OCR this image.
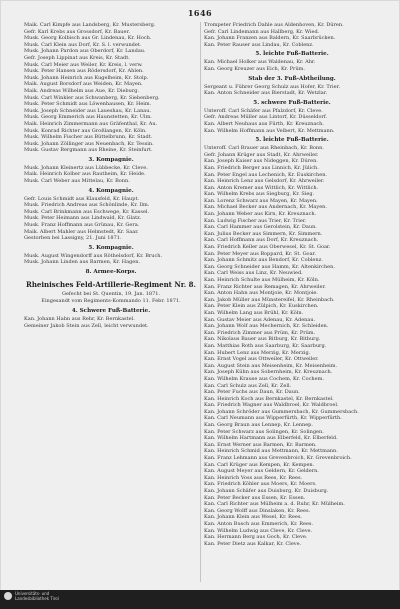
1646
Maik. Carl Kimpfe aus Landsberg, Kr. Mustersberg.
Gefr. Karl Krebs aus Grossdorf, Kr. Bauer.
Musk. Georg Kolbisch aus Gr. Lindenau, Kr. Hoch.
Musk. Carl Klein aus Dorf, Kr. S. l. verwundet.
Musk. Johann Pardon aus Oberdorf, Kr. Landau.
Gefr. Joseph Lippinat aus Kreis, Kr. Stadt.
Musk. Carl Meier aus Weiler, Kr. Kreis, l. verw.
Musk. Peter Hansen aus Rödersdorf, Kr. Ahlen.
Musk. Johann Heinrich aus Kugelheim, Kr. Stolp.
Maik. August Borsdorf aus Weiden, Kr. Mayen.
Maik. Andreas Wilhelm aus Aue, Kr. Dieburg.
Musk. Carl Winkler aus Schwanberg, Kr. Siebenberg.
Musk. Peter Schmidt aus Löwenhausen, Kr. Heim.
Musk. Joseph Schneider aus Laueshau, Kr. Lanau.
Musk. Georg Emmerich aus Haunstetten, Kr. Ulm.
Maik. Heinrich Zimmermann aus Gräfenthal, Kr. Au.
Musk. Konrad Richter aus Großlangen, Kr. Köln.
Musk. Wilhelm Fischer aus Büttelbrunn, Kr. Stadt.
Musk. Johann Zöllinger aus Neuenbach, Kr. Tessin.
Musk. Gustav Bergmann aus Rheine, Kr. Steinfurt.
3. Kompagnie.
Musk. Johann Kleinertz aus Lübbecke, Kr. Cleve.
Maik. Heinrich Kolber aus Rautheim, Kr. Heide.
Musk. Carl Weber aus Mittelau, Kr. Bonn.
4. Kompagnie.
Gefr. Louis Schmidt aus Klausfeld, Kr. Haupt.
Musk. Friedrich Andreas aus Schönlinde, Kr. Ilm.
Musk. Carl Brinkmann aus Eschwege, Kr. Kassel.
Musk. Peter Heimann aus Lindwald, Kr. Glatz.
Musk. Franz Hoffmann aus Grünau, Kr. Gera.
Maik. Albert Mahler aus Helmstedt, Kr. Saar.
Gestorben bei Lassigny, 21. Juni 1871.
5. Kompagnie.
Musk. August Wingendorff aus Röthelsdorf, Kr. Bruch.
Musk. Johann Linden aus Barmen, Kr. Hagen.
8. Armee-Korps.
Rheinisches Feld-Artillerie-Regiment Nr. 8.
Gefecht bei St. Quentin, 19. Jan. 1871.
Eingesandt vom Regiments-Kommando 11. Febr. 1871.
4. Schwere Fuß-Batterie.
Kan. Johann Hahn aus Rehr, Kr. Bernkastel.
Gemeiner Jakob Stein aus Zell, leicht verwundet.
Trompeter Friedrich Dahle aus Aldenhoven, Kr. Düren.
Gefr. Carl Lindemann aus Hallberg, Kr. Wied.
Kan. Johann Franzen aus Baldern, Kr. Saarbrücken.
Kan. Peter Rauser aus Lindau, Kr. Coblenz.
5. leichte Fuß-Batterie.
Kan. Michael Holker aus Waldenau, Kr. Ahr.
Kan. Georg Kreuzer aus Eich, Kr. Prüm.
Stab der 3. Fuß-Abtheilung.
Sergeant u. Führer Georg Schulz aus Hofer, Kr. Trier.
Kan. Anton Schneider aus Bierstadt, Kr. Wetzlar.
5. schwere Fuß-Batterie.
Unteroff. Carl Schäfer aus Pfalzdorf, Kr. Cleve.
Gefr. Andreas Müller aus Lintorf, Kr. Düsseldorf.
Kan. Albert Neuhaus aus Fürth, Kr. Kreuznach.
Kan. Wilhelm Hoffmann aus Velbert, Kr. Mettmann.
5. leichte Fuß-Batterie.
Unteroff. Carl Brauer aus Rheinbach, Kr. Bonn.
Gefr. Johann Krüger aus Stadt, Kr. Ahrweiler.
Kan. Joseph Kaiser aus Nideggen, Kr. Düren.
Kan. Friedrich Berger aus Linnich, Kr. Jülich.
Kan. Peter Engel aus Lechenich, Kr. Euskirchen.
Kan. Heinrich Lenz aus Gelsdorf, Kr. Ahrweiler.
Kan. Anton Kremer aus Wittlich, Kr. Wittlich.
Kan. Wilhelm Krebs aus Siegburg, Kr. Sieg.
Kan. Lorenz Schwarz aus Mayen, Kr. Mayen.
Kan. Michael Becker aus Andernach, Kr. Mayen.
Kan. Johann Weber aus Kirn, Kr. Kreuznach.
Kan. Ludwig Fischer aus Trier, Kr. Trier.
Kan. Carl Hammer aus Gerolstein, Kr. Daun.
Kan. Julius Becker aus Simmern, Kr. Simmern.
Kan. Carl Hoffmann aus Dorf, Kr. Kreuznach.
Kan. Friedrich Keller aus Oberwesel, Kr. St. Goar.
Kan. Peter Meyer aus Boppard, Kr. St. Goar.
Kan. Johann Schmitz aus Bendorf, Kr. Coblenz.
Kan. Georg Schneider aus Hamm, Kr. Altenkirchen.
Kan. Carl Weiss aus Linz, Kr. Neuwied.
Kan. Heinrich Schulte aus Mülheim, Kr. Köln.
Kan. Franz Richter aus Remagen, Kr. Ahrweiler.
Kan. Anton Hahn aus Montjoie, Kr. Montjoie.
Kan. Jakob Müller aus Münstereifel, Kr. Rheinbach.
Kan. Peter Klein aus Zülpich, Kr. Euskirchen.
Kan. Wilhelm Lang aus Brühl, Kr. Köln.
Kan. Gustav Meier aus Adenau, Kr. Adenau.
Kan. Johann Wolf aus Mechernich, Kr. Schleiden.
Kan. Friedrich Zimmer aus Prüm, Kr. Prüm.
Kan. Nikolaus Bauer aus Bitburg, Kr. Bitburg.
Kan. Matthias Roth aus Saarburg, Kr. Saarburg.
Kan. Hubert Lenz aus Merzig, Kr. Merzig.
Kan. Ernst Vogel aus Ottweiler, Kr. Ottweiler.
Kan. August Stein aus Meisenheim, Kr. Meisenheim.
Kan. Joseph Kühn aus Sobernheim, Kr. Kreuznach.
Kan. Wilhelm Krause aus Cochem, Kr. Cochem.
Kan. Carl Schulz aus Zell, Kr. Zell.
Kan. Peter Fuchs aus Daun, Kr. Daun.
Kan. Heinrich Koch aus Bernkastel, Kr. Bernkastel.
Kan. Friedrich Wagner aus Waldbroel, Kr. Waldbroel.
Kan. Johann Schröder aus Gummersbach, Kr. Gummersbach.
Kan. Carl Neumann aus Wipperfürth, Kr. Wipperfürth.
Kan. Georg Braun aus Lennep, Kr. Lennep.
Kan. Peter Schwarz aus Solingen, Kr. Solingen.
Kan. Wilhelm Hartmann aus Elberfeld, Kr. Elberfeld.
Kan. Ernst Werner aus Barmen, Kr. Barmen.
Kan. Heinrich Schmid aus Mettmann, Kr. Mettmann.
Kan. Franz Lehmann aus Grevenbroich, Kr. Grevenbroich.
Kan. Carl Krüger aus Kempen, Kr. Kempen.
Kan. August Meyer aus Geldern, Kr. Geldern.
Kan. Heinrich Voss aus Rees, Kr. Rees.
Kan. Friedrich Köhler aus Moers, Kr. Moers.
Kan. Johann Schäfer aus Duisburg, Kr. Duisburg.
Kan. Peter Becker aus Essen, Kr. Essen.
Kan. Carl Richter aus Mülheim a. d. Ruhr, Kr. Mülheim.
Kan. Georg Wolff aus Dinslaken, Kr. Rees.
Kan. Johann Klein aus Wesel, Kr. Rees.
Kan. Anton Busch aus Emmerich, Kr. Rees.
Kan. Wilhelm Ludwig aus Cleve, Kr. Cleve.
Kan. Hermann Berg aus Goch, Kr. Cleve.
Kan. Peter Dietz aus Kalkar, Kr. Cleve.
Universitäts- und
Landesbibliothek Tirol
